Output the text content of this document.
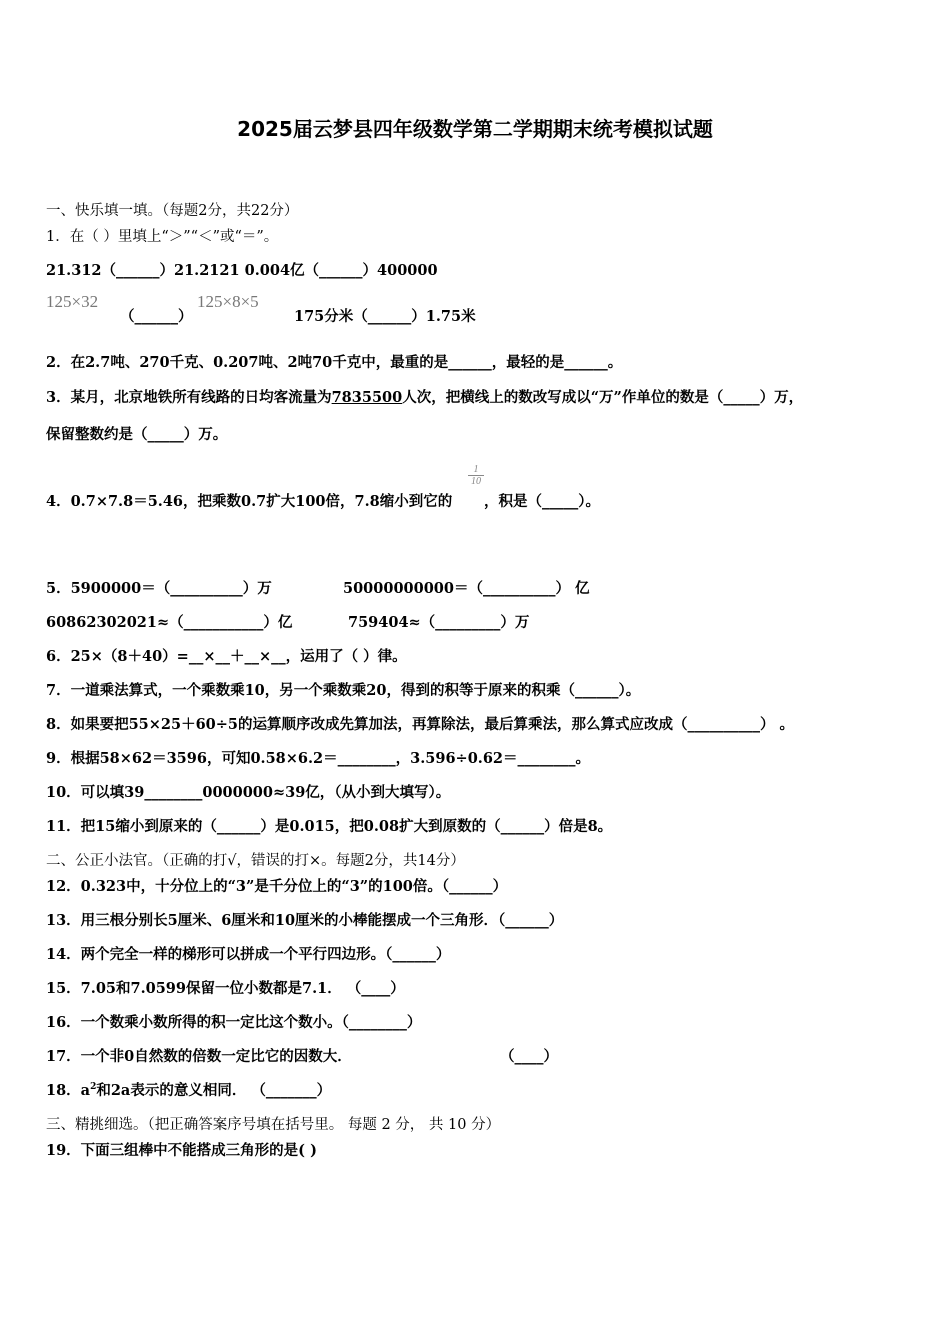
2025届云梦县四年级数学第二学期期末统考模拟试题
一、快乐填一填。（每题2分，共22分）
1．在（ ）里填上“＞”“＜”或“＝”。
21.312（______）21.2121 0.004亿（______）400000
125×32
（______）
125×8×5
175分米（______）1.75米
2．在2.7吨、270千克、0.207吨、2吨70千克中，最重的是______，最轻的是______。
3．某月，北京地铁所有线路的日均客流量为7835500人次，把横线上的数改写成以“万”作单位的数是（_____）万，
保留整数约是（_____）万。
4．0.7×7.8＝5.46，把乘数0.7扩大100倍，7.8缩小到它的
$\frac{1}{10}$
，积是（_____）。
5．5900000＝（__________）万	50000000000＝（__________） 亿
60862302021≈（___________）亿	759404≈（_________）万
6．25×（8＋40）=__×__＋__×__，运用了（ ）律。
7．一道乘法算式，一个乘数乘10，另一个乘数乘20，得到的积等于原来的积乘（______）。
8．如果要把55×25＋60÷5的运算顺序改成先算加法，再算除法，最后算乘法，那么算式应改成（__________） 。
9．根据58×62＝3596，可知0.58×6.2＝________，3.596÷0.62＝________。
10．可以填39________0000000≈39亿，（从小到大填写）。
11．把15缩小到原来的（______）是0.015，把0.08扩大到原数的（______）倍是8。
二、公正小法官。（正确的打√，错误的打×。每题2分，共14分）
12．0.323中，十分位上的“3”是千分位上的“3”的100倍。（______）
13．用三根分别长5厘米、6厘米和10厘米的小棒能摆成一个三角形．（______）
14．两个完全一样的梯形可以拼成一个平行四边形。（______）
15．7.05和7.0599保留一位小数都是7.1． （____）
16．一个数乘小数所得的积一定比这个数小。（________）
17．一个非0自然数的倍数一定比它的因数大．	（____）
18．$a^2$和2a表示的意义相同． （_______）
三、精挑细选。（把正确答案序号填在括号里。 每题 2 分， 共 10 分）
19．下面三组棒中不能搭成三角形的是( )
